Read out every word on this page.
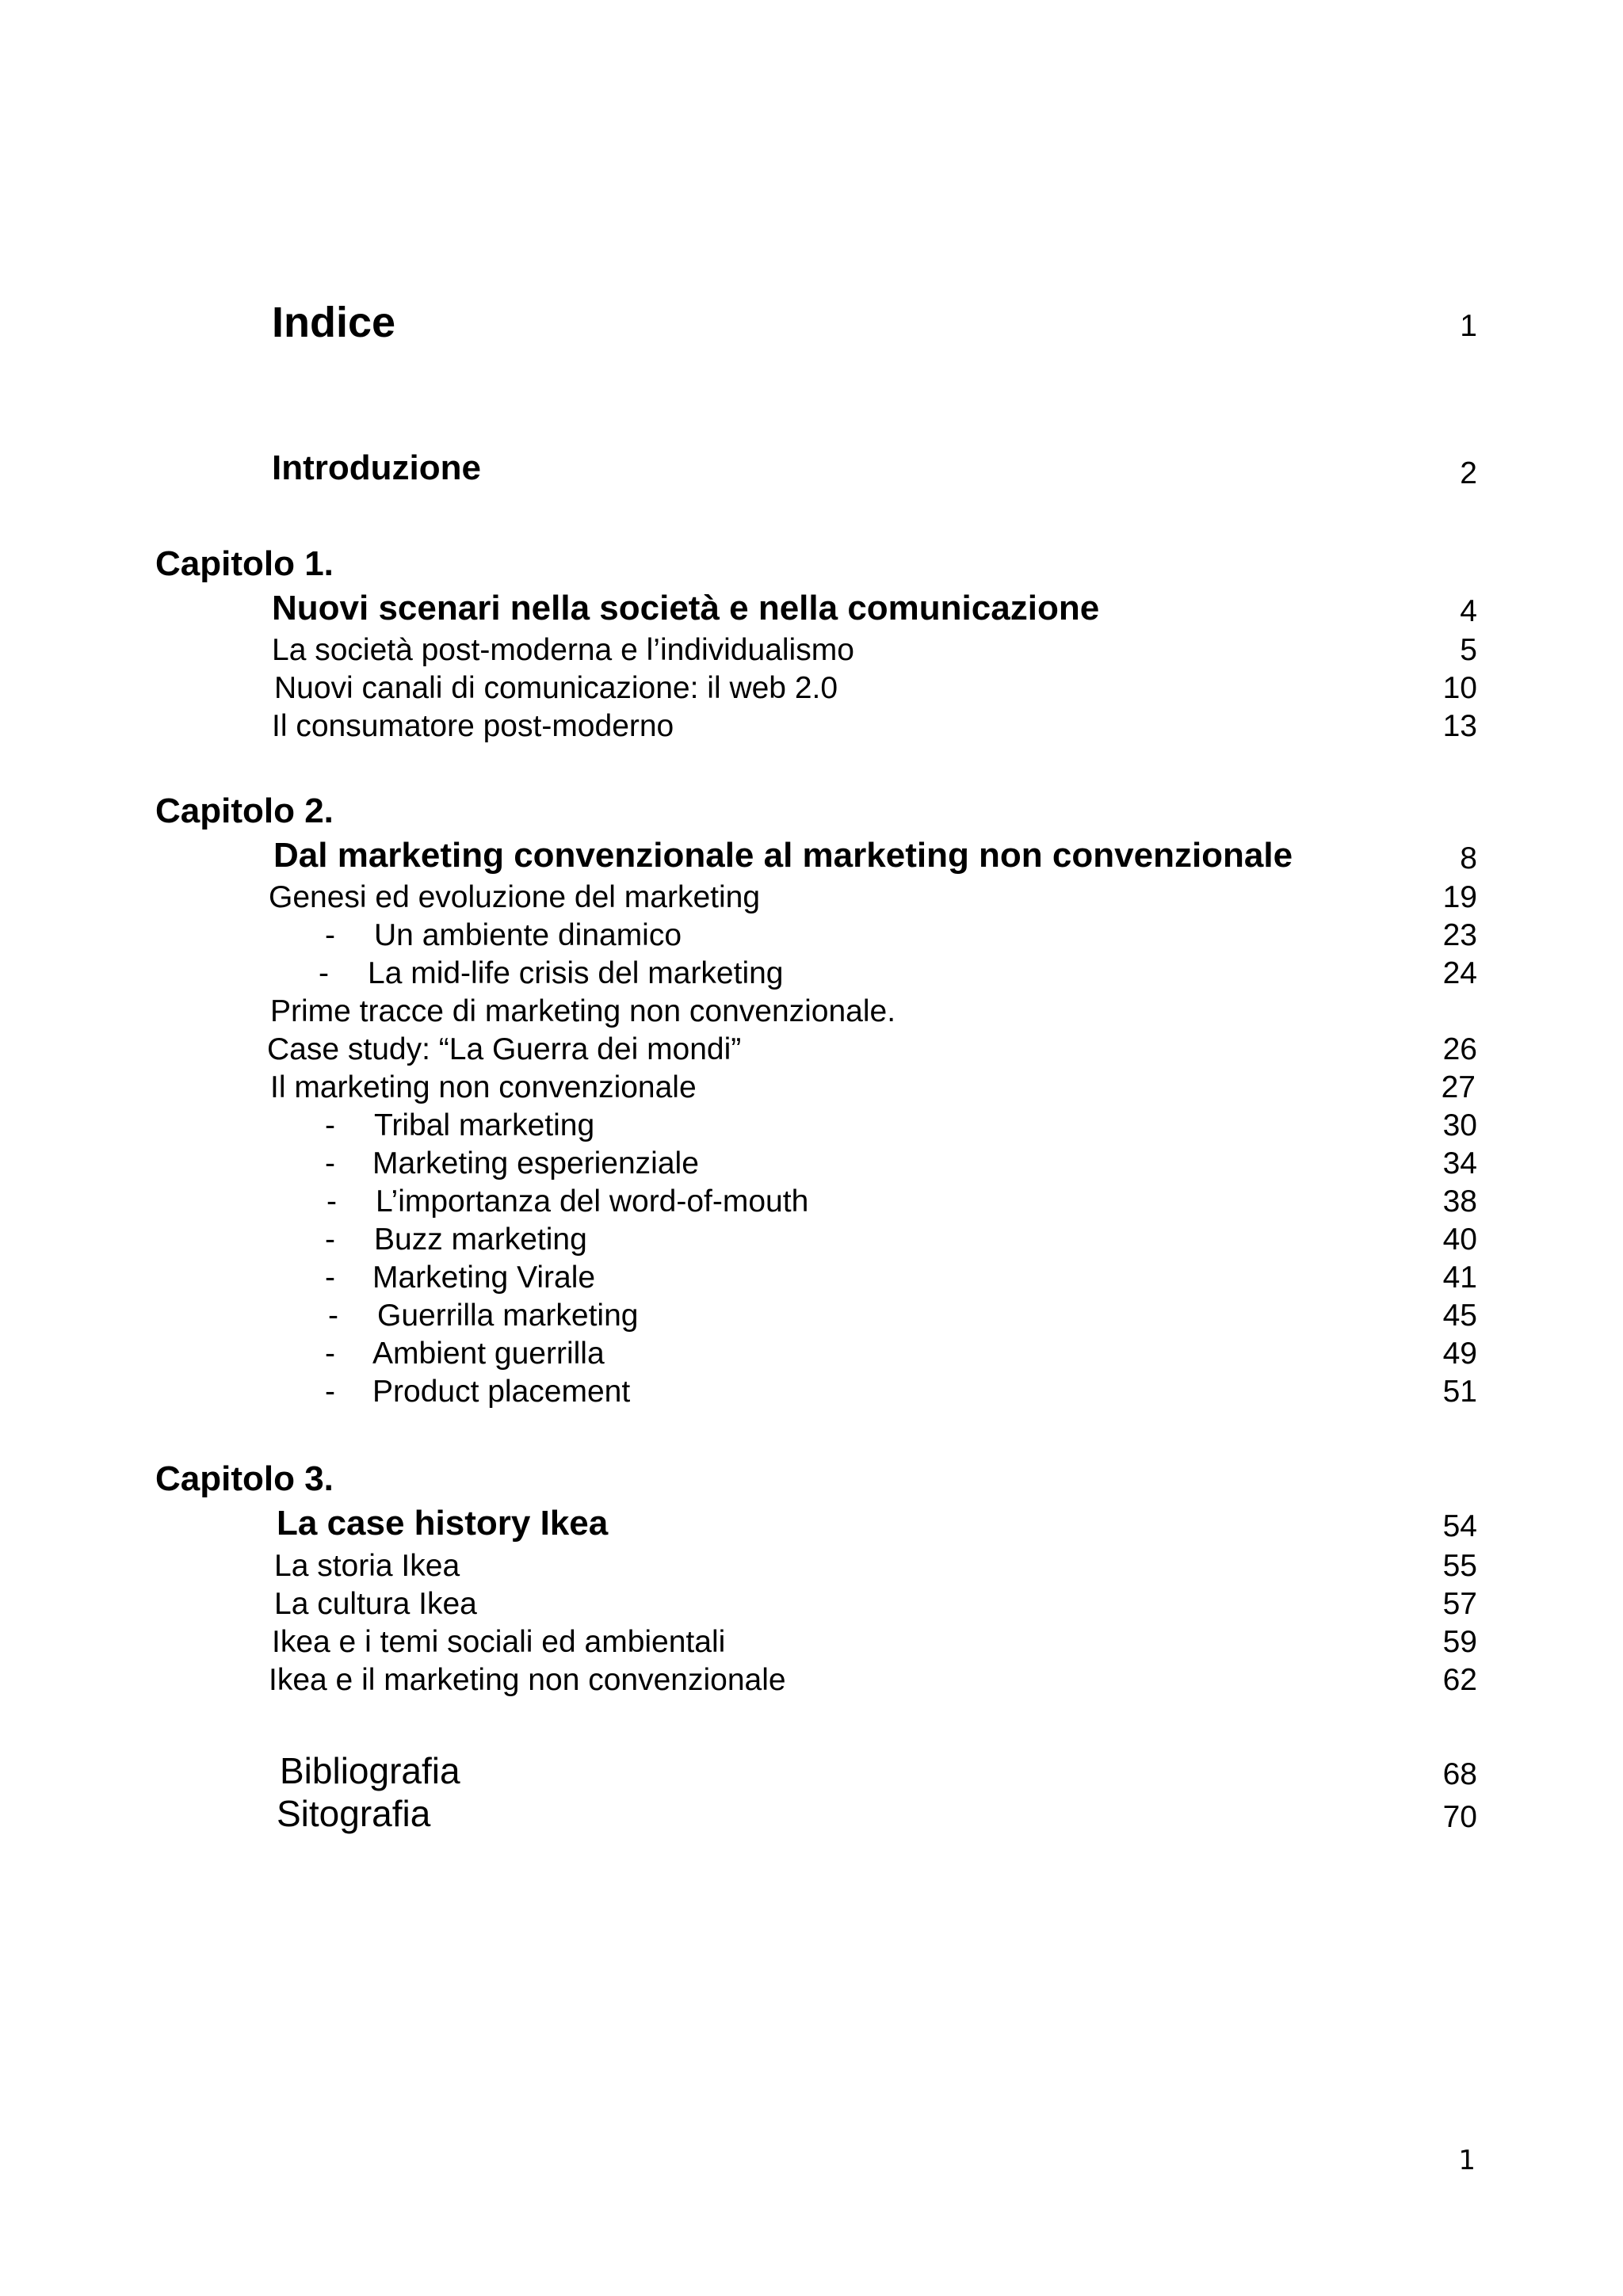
Indice	1
Introduzione	2
Capitolo 1.
Nuovi scenari nella società e nella comunicazione	4
La società post-moderna e l’individualismo	5
Nuovi canali di comunicazione: il web 2.0	10
Il consumatore post-moderno	13
Capitolo 2.
Dal marketing convenzionale al marketing non convenzionale	8
Genesi ed evoluzione del marketing	19
- Un ambiente dinamico	23
- La mid-life crisis del marketing	24
Prime tracce di marketing non convenzionale.
Case study: “La Guerra dei mondi”	26
Il marketing non convenzionale	27
- Tribal marketing	30
- Marketing esperienziale	34
- L’importanza del word-of-mouth	38
- Buzz marketing	40
- Marketing Virale	41
- Guerrilla marketing	45
- Ambient guerrilla	49
- Product placement	51
Capitolo 3.
La case history Ikea	54
La storia Ikea	55
La cultura Ikea	57
Ikea e i temi sociali ed ambientali	59
Ikea e il marketing non convenzionale	62
Bibliografia	68
Sitografia	70
1
